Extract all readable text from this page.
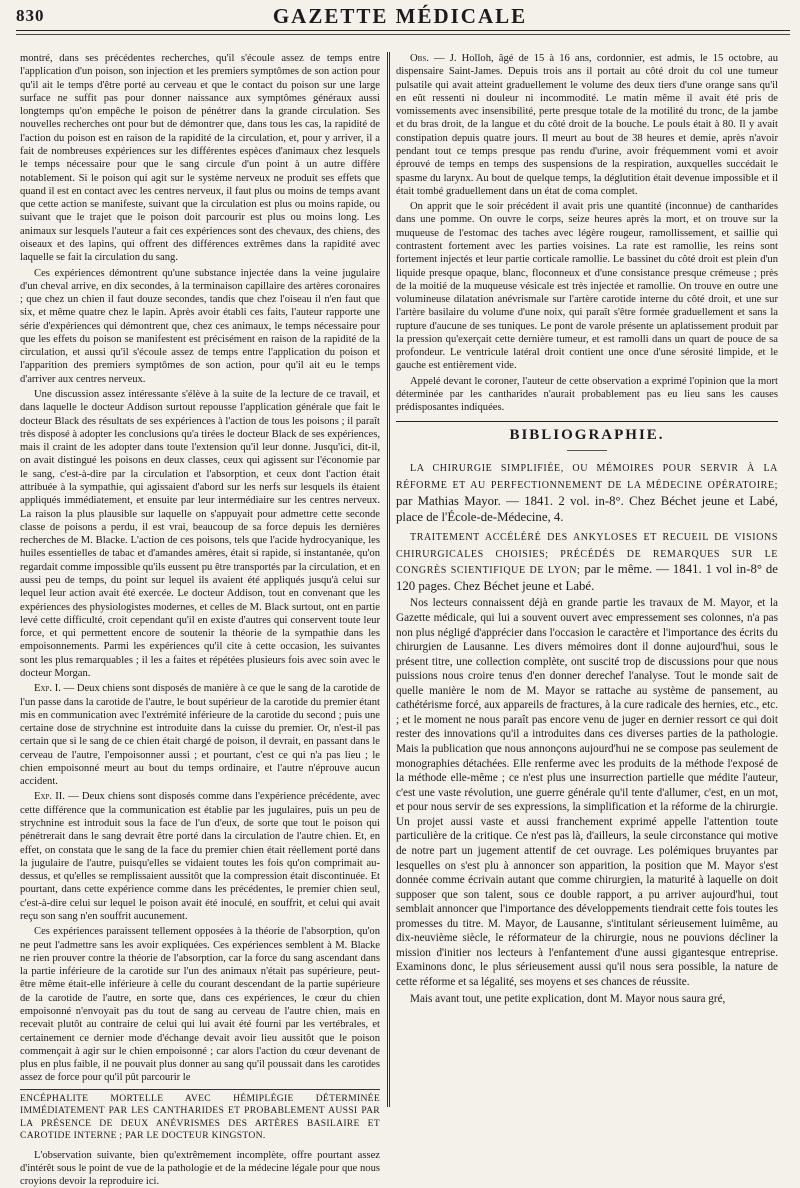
830	GAZETTE MÉDICALE

montré, dans ses précédentes recherches, qu'il s'écoule assez de temps entre l'application d'un poison, son injection et les premiers symptômes de son action pour qu'il ait le temps d'être porté au cerveau et que le contact du poison sur une large surface ne suffit pas pour donner naissance aux symptômes généraux aussi longtemps qu'on empêche le poison de pénétrer dans la grande circulation. Ses nouvelles recherches ont pour but de démontrer que, dans tous les cas, la rapidité de l'action du poison est en raison de la rapidité de la circulation, et, pour y arriver, il a fait de nombreuses expériences sur les différentes espèces d'animaux chez lesquels le temps nécessaire pour que le sang circule d'un point à un autre diffère notablement. Si le poison qui agit sur le système nerveux ne produit ses effets que quand il est en contact avec les centres nerveux, il faut plus ou moins de temps avant que cette action se manifeste, suivant que la circulation est plus ou moins rapide, ou suivant que le trajet que le poison doit parcourir est plus ou moins long. Les animaux sur lesquels l'auteur a fait ces expériences sont des chevaux, des chiens, des oiseaux et des lapins, qui offrent des différences extrêmes dans la rapidité avec laquelle se fait la circulation du sang.

Ces expériences démontrent qu'une substance injectée dans la veine jugulaire d'un cheval arrive, en dix secondes, à la terminaison capillaire des artères coronaires ; que chez un chien il faut douze secondes, tandis que chez l'oiseau il n'en faut que six, et même quatre chez le lapin. Après avoir établi ces faits, l'auteur rapporte une série d'expériences qui démontrent que, chez ces animaux, le temps nécessaire pour que les effets du poison se manifestent est précisément en raison de la rapidité de la circulation, et aussi qu'il s'écoule assez de temps entre l'application du poison et l'apparition des premiers symptômes de son action, pour qu'il ait eu le temps d'arriver aux centres nerveux.

Une discussion assez intéressante s'élève à la suite de la lecture de ce travail, et dans laquelle le docteur Addison surtout repousse l'application générale que fait le docteur Black des résultats de ses expériences à l'action de tous les poisons ; il paraît très disposé à adopter les conclusions qu'a tirées le docteur Black de ses expériences, mais il craint de les adopter dans toute l'extension qu'il leur donne. Jusqu'ici, dit-il, on avait distingué les poisons en deux classes, ceux qui agissent sur l'économie par le sang, c'est-à-dire par la circulation et l'absorption, et ceux dont l'action était attribuée à la sympathie, qui agissaient d'abord sur les nerfs sur lesquels ils étaient appliqués immédiatement, et ensuite par leur intermédiaire sur les centres nerveux. La raison la plus plausible sur laquelle on s'appuyait pour admettre cette seconde classe de poisons a perdu, il est vrai, beaucoup de sa force depuis les dernières recherches de M. Blacke. L'action de ces poisons, tels que l'acide hydrocyanique, les huiles essentielles de tabac et d'amandes amères, était si rapide, si instantanée, qu'on regardait comme impossible qu'ils eussent pu être transportés par la circulation, et en aussi peu de temps, du point sur lequel ils avaient été appliqués jusqu'à celui sur lequel leur action avait été exercée. Le docteur Addison, tout en convenant que les expériences des physiologistes modernes, et celles de M. Black surtout, ont en partie levé cette difficulté, croit cependant qu'il en existe d'autres qui conservent toute leur force, et qui permettent encore de soutenir la théorie de la sympathie dans les empoisonnements. Parmi les expériences qu'il cite à cette occasion, les suivantes sont les plus remarquables ; il les a faites et répétées plusieurs fois avec soin avec le docteur Morgan.

Exp. I. — Deux chiens sont disposés de manière à ce que le sang de la carotide de l'un passe dans la carotide de l'autre, le bout supérieur de la carotide du premier étant mis en communication avec l'extrémité inférieure de la carotide du second ; puis une certaine dose de strychnine est introduite dans la cuisse du premier. Or, n'est-il pas certain que si le sang de ce chien était chargé de poison, il devrait, en passant dans le cerveau de l'autre, l'empoisonner aussi ; et pourtant, c'est ce qui n'a pas lieu ; le chien empoisonné meurt au bout du temps ordinaire, et l'autre n'éprouve aucun accident.

Exp. II. — Deux chiens sont disposés comme dans l'expérience précédente, avec cette différence que la communication est établie par les jugulaires, puis un peu de strychnine est introduit sous la face de l'un d'eux, de sorte que tout le poison qui pénétrerait dans le sang devrait être porté dans la circulation de l'autre chien. Et, en effet, on constata que le sang de la face du premier chien était réellement porté dans la jugulaire de l'autre, puisqu'elles se vidaient toutes les fois qu'on comprimait au-dessus, et qu'elles se remplissaient aussitôt que la compression était discontinuée. Et pourtant, dans cette expérience comme dans les précédentes, le premier chien seul, c'est-à-dire celui sur lequel le poison avait été inoculé, en souffrit, et celui qui avait reçu son sang n'en souffrit aucunement.

Ces expériences paraissent tellement opposées à la théorie de l'absorption, qu'on ne peut l'admettre sans les avoir expliquées. Ces expériences semblent à M. Blacke ne rien prouver contre la théorie de l'absorption, car la force du sang ascendant dans la partie inférieure de la carotide sur l'un des animaux n'était pas supérieure, peut-être même était-elle inférieure à celle du courant descendant de la partie supérieure de la carotide de l'autre, en sorte que, dans ces expériences, le cœur du chien empoisonné n'envoyait pas du tout de sang au cerveau de l'autre chien, mais en recevait plutôt au contraire de celui qui lui avait été fourni par les vertébrales, et certainement ce dernier mode d'échange devait avoir lieu aussitôt que le poison commençait à agir sur le chien empoisonné ; car alors l'action du cœur devenant de plus en plus faible, il ne pouvait plus donner au sang qu'il poussait dans les carotides assez de force pour qu'il pût parcourir le

ENCÉPHALITE MORTELLE AVEC HÉMIPLÉGIE DÉTERMINÉE IMMÉDIATEMENT PAR LES CANTHARIDES ET PROBABLEMENT AUSSI PAR LA PRÉSENCE DE DEUX ANÉVRISMES DES ARTÈRES BASILAIRE ET CAROTIDE INTERNE ; PAR LE DOCTEUR KINGSTON.

L'observation suivante, bien qu'extrêmement incomplète, offre pourtant assez d'intérêt sous le point de vue de la pathologie et de la médecine légale pour que nous croyions devoir la reproduire ici.

Obs. — J. Holloh, âgé de 15 à 16 ans, cordonnier, est admis, le 15 octobre, au dispensaire Saint-James. Depuis trois ans il portait au côté droit du col une tumeur pulsatile qui avait atteint graduellement le volume des deux tiers d'une orange sans qu'il en eût ressenti ni douleur ni incommodité. Le matin même il avait été pris de vomissements avec insensibilité, perte presque totale de la motilité du tronc, de la jambe et du bras droit, de la langue et du côté droit de la bouche. Le pouls était à 80. Il y avait constipation depuis quatre jours. Il meurt au bout de 38 heures et demie, après n'avoir pendant tout ce temps presque pas rendu d'urine, avoir fréquemment vomi et avoir éprouvé de temps en temps des suspensions de la respiration, auxquelles succédait le spasme du larynx. Au bout de quelque temps, la déglutition était devenue impossible et il était tombé graduellement dans un état de coma complet.

On apprit que le soir précédent il avait pris une quantité (inconnue) de cantharides dans une pomme. On ouvre le corps, seize heures après la mort, et on trouve sur la muqueuse de l'estomac des taches avec légère rougeur, ramollissement, et saillie qui contrastent fortement avec les parties voisines. La rate est ramollie, les reins sont fortement injectés et leur partie corticale ramollie. Le bassinet du côté droit est plein d'un liquide presque opaque, blanc, floconneux et d'une consistance presque crémeuse ; près de la moitié de la muqueuse vésicale est très injectée et ramollie. On trouve en outre une volumineuse dilatation anévrismale sur l'artère carotide interne du côté droit, et une sur l'artère basilaire du volume d'une noix, qui paraît s'être formée graduellement et sans la rupture d'aucune de ses tuniques. Le pont de varole présente un aplatissement produit par la pression qu'exerçait cette dernière tumeur, et est ramolli dans un quart de pouce de sa profondeur. Le ventricule latéral droit contient une once d'une sérosité limpide, et le gauche est entièrement vide.

Appelé devant le coroner, l'auteur de cette observation a exprimé l'opinion que la mort déterminée par les cantharides n'aurait probablement pas eu lieu sans les causes prédisposantes indiquées.

BIBLIOGRAPHIE.

LA CHIRURGIE SIMPLIFIÉE, OU MÉMOIRES POUR SERVIR À LA RÉFORME ET AU PERFECTIONNEMENT DE LA MÉDECINE OPÉRATOIRE; par Mathias Mayor. — 1841. 2 vol. in-8°. Chez Béchet jeune et Labé, place de l'École-de-Médecine, 4.

TRAITEMENT ACCÉLÉRÉ DES ANKYLOSES ET RECUEIL DE VISIONS CHIRURGICALES CHOISIES; PRÉCÉDÉS DE REMARQUES SUR LE CONGRÈS SCIENTIFIQUE DE LYON; par le même. — 1841. 1 vol in-8° de 120 pages. Chez Béchet jeune et Labé.

Nos lecteurs connaissent déjà en grande partie les travaux de M. Mayor, et la Gazette médicale, qui lui a souvent ouvert avec empressement ses colonnes, n'a pas non plus négligé d'apprécier dans l'occasion le caractère et l'importance des écrits du chirurgien de Lausanne. Les divers mémoires dont il donne aujourd'hui, sous le présent titre, une collection complète, ont suscité trop de discussions pour que nous puissions nous croire tenus d'en donner derechef l'analyse. Tout le monde sait de quelle manière le nom de M. Mayor se rattache au système de pansement, au cathétérisme forcé, aux appareils de fractures, à la cure radicale des hernies, etc., etc. ; et le moment ne nous paraît pas encore venu de juger en dernier ressort ce qui doit rester des innovations qu'il a introduites dans ces diverses parties de la pathologie. Mais la publication que nous annonçons aujourd'hui ne se compose pas seulement de monographies détachées. Elle renferme avec les produits de la méthode l'exposé de la méthode elle-même ; ce n'est plus une insurrection partielle que médite l'auteur, c'est une vaste révolution, une guerre générale qu'il tente d'allumer, c'est, en un mot, et pour nous servir de ses expressions, la simplification et la réforme de la chirurgie. Un projet aussi vaste et aussi franchement exprimé appelle l'attention toute particulière de la critique. Ce n'est pas là, d'ailleurs, la seule circonstance qui motive de notre part un jugement attentif de cet ouvrage. Les polémiques bruyantes par lesquelles on s'est plu à annoncer son apparition, la position que M. Mayor s'est donnée comme écrivain autant que comme chirurgien, la maturité à laquelle on doit supposer que son talent, sous ce double rapport, a pu arriver aujourd'hui, tout semblait annoncer que l'importance des développements tiendrait cette fois toutes les promesses du titre. M. Mayor, de Lausanne, s'intitulant sérieusement luimême, au dix-neuvième siècle, le réformateur de la chirurgie, nous ne pouvions décliner la mission d'initier nos lecteurs à l'enfantement d'une aussi gigantesque entreprise. Examinons donc, le plus sérieusement aussi qu'il nous sera possible, la nature de cette réforme et sa légalité, ses moyens et ses chances de réussite.

Mais avant tout, une petite explication, dont M. Mayor nous saura gré,
